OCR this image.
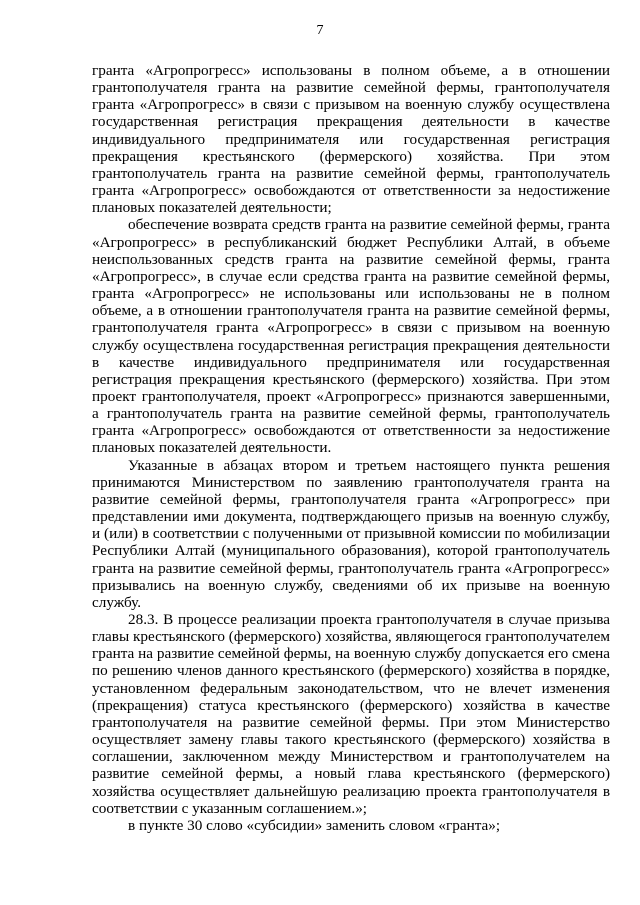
7

гранта «Агропрогресс» использованы в полном объеме, а в отношении грантополучателя гранта на развитие семейной фермы, грантополучателя гранта «Агропрогресс» в связи с призывом на военную службу осуществлена государственная регистрация прекращения деятельности в качестве индивидуального предпринимателя или государственная регистрация прекращения крестьянского (фермерского) хозяйства. При этом грантополучатель гранта на развитие семейной фермы, грантополучатель гранта «Агропрогресс» освобождаются от ответственности за недостижение плановых показателей деятельности;

обеспечение возврата средств гранта на развитие семейной фермы, гранта «Агропрогресс» в республиканский бюджет Республики Алтай, в объеме неиспользованных средств гранта на развитие семейной фермы, гранта «Агропрогресс», в случае если средства гранта на развитие семейной фермы, гранта «Агропрогресс» не использованы или использованы не в полном объеме, а в отношении грантополучателя гранта на развитие семейной фермы, грантополучателя гранта «Агропрогресс» в связи с призывом на военную службу осуществлена государственная регистрация прекращения деятельности в качестве индивидуального предпринимателя или государственная регистрация прекращения крестьянского (фермерского) хозяйства. При этом проект грантополучателя, проект «Агропрогресс» признаются завершенными, а грантополучатель гранта на развитие семейной фермы, грантополучатель гранта «Агропрогресс» освобождаются от ответственности за недостижение плановых показателей деятельности.

Указанные в абзацах втором и третьем настоящего пункта решения принимаются Министерством по заявлению грантополучателя гранта на развитие семейной фермы, грантополучателя гранта «Агропрогресс» при представлении ими документа, подтверждающего призыв на военную службу, и (или) в соответствии с полученными от призывной комиссии по мобилизации Республики Алтай (муниципального образования), которой грантополучатель гранта на развитие семейной фермы, грантополучатель гранта «Агропрогресс» призывались на военную службу, сведениями об их призыве на военную службу.

28.3. В процессе реализации проекта грантополучателя в случае призыва главы крестьянского (фермерского) хозяйства, являющегося грантополучателем гранта на развитие семейной фермы, на военную службу допускается его смена по решению членов данного крестьянского (фермерского) хозяйства в порядке, установленном федеральным законодательством, что не влечет изменения (прекращения) статуса крестьянского (фермерского) хозяйства в качестве грантополучателя на развитие семейной фермы. При этом Министерство осуществляет замену главы такого крестьянского (фермерского) хозяйства в соглашении, заключенном между Министерством и грантополучателем на развитие семейной фермы, а новый глава крестьянского (фермерского) хозяйства осуществляет дальнейшую реализацию проекта грантополучателя в соответствии с указанным соглашением.»;

в пункте 30 слово «субсидии» заменить словом «гранта»;
